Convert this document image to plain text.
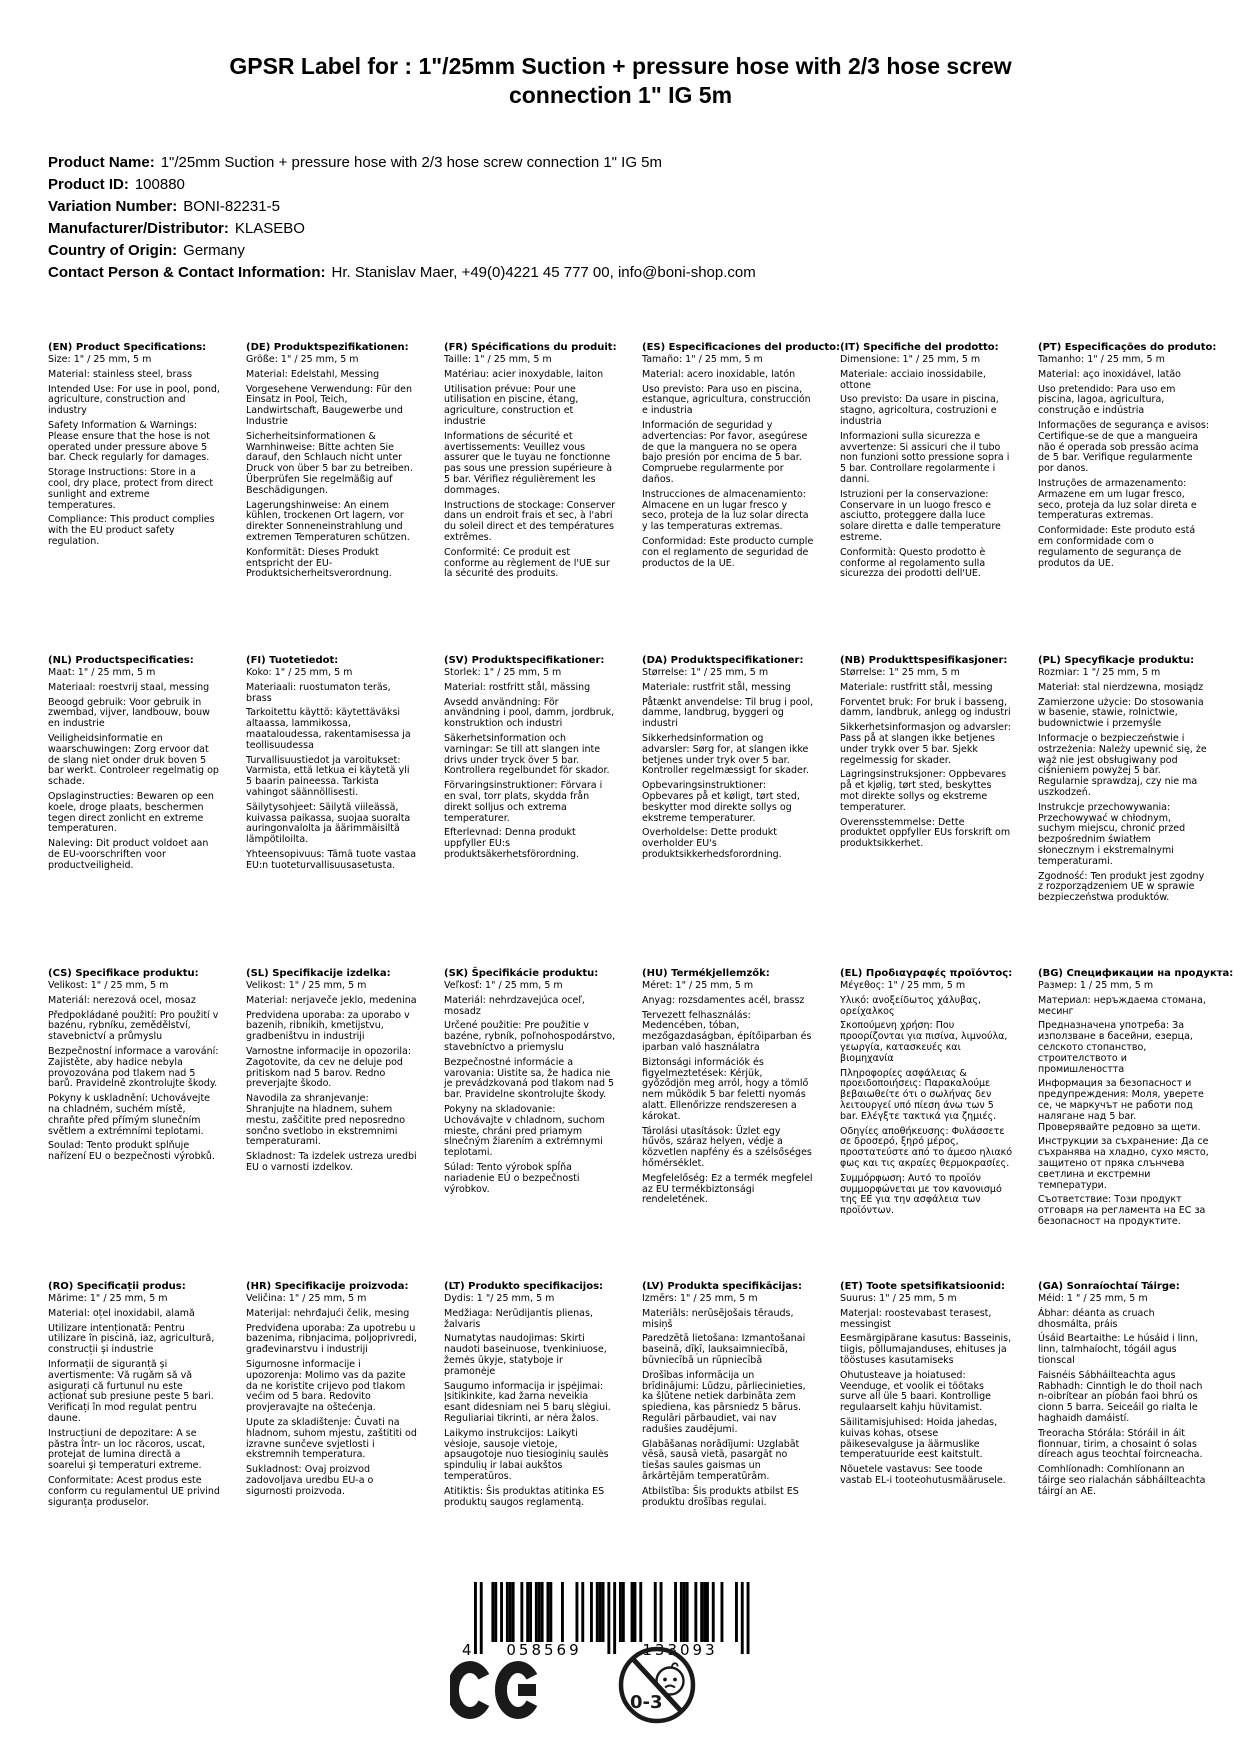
GPSR Label for : 1"/25mm Suction + pressure hose with 2/3 hose screw connection 1" IG 5m
Product Name: 1"/25mm Suction + pressure hose with 2/3 hose screw connection 1" IG 5m
Product ID: 100880
Variation Number: BONI-82231-5
Manufacturer/Distributor: KLASEBO
Country of Origin: Germany
Contact Person & Contact Information: Hr. Stanislav Maer, +49(0)4221 45 777 00, info@boni-shop.com
(EN) Product Specifications:

Size: 1" / 25 mm, 5 m

Material: stainless steel, brass

Intended Use: For use in pool, pond, agriculture, construction and industry

Safety Information & Warnings: Please ensure that the hose is not operated under pressure above 5 bar. Check regularly for damages.

Storage Instructions: Store in a cool, dry place, protect from direct sunlight and extreme temperatures.

Compliance: This product complies with the EU product safety regulation.

(DE) Produktspezifikationen:

Größe: 1" / 25 mm, 5 m

Material: Edelstahl, Messing

Vorgesehene Verwendung: Für den Einsatz in Pool, Teich, Landwirtschaft, Baugewerbe und Industrie

Sicherheitsinformationen & Warnhinweise: Bitte achten Sie darauf, den Schlauch nicht unter Druck von über 5 bar zu betreiben. Überprüfen Sie regelmäßig auf Beschädigungen.

Lagerungshinweise: An einem kühlen, trockenen Ort lagern, vor direkter Sonneneinstrahlung und extremen Temperaturen schützen.

Konformität: Dieses Produkt entspricht der EU-Produktsicherheitsverordnung.

(FR) Spécifications du produit:

Taille: 1" / 25 mm, 5 m

Matériau: acier inoxydable, laiton

Utilisation prévue: Pour une utilisation en piscine, étang, agriculture, construction et industrie

Informations de sécurité et avertissements: Veuillez vous assurer que le tuyau ne fonctionne pas sous une pression supérieure à 5 bar. Vérifiez régulièrement les dommages.

Instructions de stockage: Conserver dans un endroit frais et sec, à l'abri du soleil direct et des températures extrêmes.

Conformité: Ce produit est conforme au règlement de l'UE sur la sécurité des produits.

(ES) Especificaciones del producto:

Tamaño: 1" / 25 mm, 5 m

Material: acero inoxidable, latón

Uso previsto: Para uso en piscina, estanque, agricultura, construcción e industria

Información de seguridad y advertencias: Por favor, asegúrese de que la manguera no se opera bajo presión por encima de 5 bar. Compruebe regularmente por daños.

Instrucciones de almacenamiento: Almacene en un lugar fresco y seco, proteja de la luz solar directa y las temperaturas extremas.

Conformidad: Este producto cumple con el reglamento de seguridad de productos de la UE.

(IT) Specifiche del prodotto:

Dimensione: 1" / 25 mm, 5 m

Materiale: acciaio inossidabile, ottone

Uso previsto: Da usare in piscina, stagno, agricoltura, costruzioni e industria

Informazioni sulla sicurezza e avvertenze: Si assicuri che il tubo non funzioni sotto pressione sopra i 5 bar. Controllare regolarmente i danni.

Istruzioni per la conservazione: Conservare in un luogo fresco e asciutto, proteggere dalla luce solare diretta e dalle temperature estreme.

Conformità: Questo prodotto è conforme al regolamento sulla sicurezza dei prodotti dell'UE.

(PT) Especificações do produto:

Tamanho: 1" / 25 mm, 5 m

Material: aço inoxidável, latão

Uso pretendido: Para uso em piscina, lagoa, agricultura, construção e indústria

Informações de segurança e avisos: Certifique-se de que a mangueira não é operada sob pressão acima de 5 bar. Verifique regularmente por danos.

Instruções de armazenamento: Armazene em um lugar fresco, seco, proteja da luz solar direta e temperaturas extremas.

Conformidade: Este produto está em conformidade com o regulamento de segurança de produtos da UE.

(NL) Productspecificaties:

Maat: 1" / 25 mm, 5 m

Materiaal: roestvrij staal, messing

Beoogd gebruik: Voor gebruik in zwembad, vijver, landbouw, bouw en industrie

Veiligheidsinformatie en waarschuwingen: Zorg ervoor dat de slang niet onder druk boven 5 bar werkt. Controleer regelmatig op schade.

Opslaginstructies: Bewaren op een koele, droge plaats, beschermen tegen direct zonlicht en extreme temperaturen.

Naleving: Dit product voldoet aan de EU-voorschriften voor productveiligheid.

(FI) Tuotetiedot:

Koko: 1" / 25 mm, 5 m

Materiaali: ruostumaton teräs, brass

Tarkoitettu käyttö: käytettäväksi altaassa, lammikossa, maataloudessa, rakentamisessa ja teollisuudessa

Turvallisuustiedot ja varoitukset: Varmista, että letkua ei käytetä yli 5 baarin paineessa. Tarkista vahingot säännöllisesti.

Säilytysohjeet: Säilytä viileässä, kuivassa paikassa, suojaa suoralta auringonvalolta ja äärimmäisiltä lämpötiloilta.

Yhteensopivuus: Tämä tuote vastaa EU:n tuoteturvallisuusasetusta.

(SV) Produktspecifikationer:

Storlek: 1" / 25 mm, 5 m

Material: rostfritt stål, mässing

Avsedd användning: För användning i pool, damm, jordbruk, konstruktion och industri

Säkerhetsinformation och varningar: Se till att slangen inte drivs under tryck över 5 bar. Kontrollera regelbundet för skador.

Förvaringsinstruktioner: Förvara i en sval, torr plats, skydda från direkt solljus och extrema temperaturer.

Efterlevnad: Denna produkt uppfyller EU:s produktsäkerhetsförordning.

(DA) Produktspecifikationer:

Størrelse: 1" / 25 mm, 5 m

Materiale: rustfrit stål, messing

Påtænkt anvendelse: Til brug i pool, damme, landbrug, byggeri og industri

Sikkerhedsinformation og advarsler: Sørg for, at slangen ikke betjenes under tryk over 5 bar. Kontroller regelmæssigt for skader.

Opbevaringsinstruktioner: Opbevares på et køligt, tørt sted, beskytter mod direkte sollys og ekstreme temperaturer.

Overholdelse: Dette produkt overholder EU's produktsikkerhedsforordning.

(NB) Produkttspesifikasjoner:

Størrelse: 1" 25 mm, 5 m

Materiale: rustfritt stål, messing

Forventet bruk: For bruk i basseng, damm, landbruk, anlegg og industri

Sikkerhetsinformasjon og advarsler: Pass på at slangen ikke betjenes under trykk over 5 bar. Sjekk regelmessig for skader.

Lagringsinstruksjoner: Oppbevares på et kjølig, tørt sted, beskyttes mot direkte sollys og ekstreme temperaturer.

Overensstemmelse: Dette produktet oppfyller EUs forskrift om produktsikkerhet.

(PL) Specyfikacje produktu:

Rozmiar: 1 "/ 25 mm, 5 m

Materiał: stal nierdzewna, mosiądz

Zamierzone użycie: Do stosowania w basenie, stawie, rolnictwie, budownictwie i przemyśle

Informacje o bezpieczeństwie i ostrzeżenia: Należy upewnić się, że wąż nie jest obsługiwany pod ciśnieniem powyżej 5 bar. Regularnie sprawdzaj, czy nie ma uszkodzeń.

Instrukcje przechowywania: Przechowywać w chłodnym, suchym miejscu, chronić przed bezpośrednim światłem słonecznym i ekstremalnymi temperaturami.

Zgodność: Ten produkt jest zgodny z rozporządzeniem UE w sprawie bezpieczeństwa produktów.

(CS) Specifikace produktu:

Velikost: 1" / 25 mm, 5 m

Materiál: nerezová ocel, mosaz

Předpokládané použití: Pro použití v bazénu, rybníku, zemědělství, stavebnictví a průmyslu

Bezpečnostní informace a varování: Zajistěte, aby hadice nebyla provozována pod tlakem nad 5 barů. Pravidelně zkontrolujte škody.

Pokyny k uskladnění: Uchovávejte na chladném, suchém místě, chraňte před přímým slunečním světlem a extrémními teplotami.

Soulad: Tento produkt splňuje nařízení EU o bezpečnosti výrobků.

(SL) Specifikacije izdelka:

Velikost: 1" / 25 mm, 5 m

Material: nerjaveče jeklo, medenina

Predvidena uporaba: za uporabo v bazenih, ribnikih, kmetijstvu, gradbeništvu in industriji

Varnostne informacije in opozorila: Zagotovite, da cev ne deluje pod pritiskom nad 5 barov. Redno preverjajte škodo.

Navodila za shranjevanje: Shranjujte na hladnem, suhem mestu, zaščitite pred neposredno sončno svetlobo in ekstremnimi temperaturami.

Skladnost: Ta izdelek ustreza uredbi EU o varnosti izdelkov.

(SK) Špecifikácie produktu:

Veľkosť: 1" / 25 mm, 5 m

Materiál: nehrdzavejúca oceľ, mosadz

Určené použitie: Pre použitie v bazéne, rybník, poľnohospodárstvo, stavebníctvo a priemyslu

Bezpečnostné informácie a varovania: Uistite sa, že hadica nie je prevádzkovaná pod tlakom nad 5 bar. Pravidelne skontrolujte škody.

Pokyny na skladovanie: Uchovávajte v chladnom, suchom mieste, chráni pred priamym slnečným žiarením a extrémnymi teplotami.

Súlad: Tento výrobok spĺňa nariadenie EÚ o bezpečnosti výrobkov.

(HU) Termékjellemzők:

Méret: 1" / 25 mm, 5 m

Anyag: rozsdamentes acél, brassz

Tervezett felhasználás: Medencében, tóban, mezőgazdaságban, építőiparban és iparban való használatra

Biztonsági információk és figyelmeztetések: Kérjük, győződjön meg arról, hogy a tömlő nem működik 5 bar feletti nyomás alatt. Ellenőrizze rendszeresen a károkat.

Tárolási utasítások: Üzlet egy hűvös, száraz helyen, védje a közvetlen napfény és a szélsőséges hőmérséklet.

Megfelelőség: Ez a termék megfelel az EU termékbiztonsági rendeletének.

(EL) Προδιαγραφές προϊόντος:

Μέγεθος: 1" / 25 mm, 5 m

Υλικό: ανοξείδωτος χάλυβας, ορείχαλκος

Σκοπούμενη χρήση: Που προορίζονται για πισίνα, λιμνούλα, γεωργία, κατασκευές και βιομηχανία

Πληροφορίες ασφάλειας & προειδοποιήσεις: Παρακαλούμε βεβαιωθείτε ότι ο σωλήνας δεν λειτουργεί υπό πίεση άνω των 5 bar. Ελέγξτε τακτικά για ζημιές.

Οδηγίες αποθήκευσης: Φυλάσσετε σε δροσερό, ξηρό μέρος, προστατεύστε από το άμεσο ηλιακό φως και τις ακραίες θερμοκρασίες.

Συμμόρφωση: Αυτό το προϊόν συμμορφώνεται με τον κανονισμό της ΕΕ για την ασφάλεια των προϊόντων.

(BG) Спецификации на продукта:

Размер: 1 / 25 mm, 5 m

Материал: неръждаема стомана, месинг

Предназначена употреба: За използване в басейни, езерца, селското стопанство, строителството и промишлеността

Информация за безопасност и предупреждения: Моля, уверете се, че маркучът не работи под налягане над 5 bar. Проверявайте редовно за щети.

Инструкции за съхранение: Да се съхранява на хладно, сухо място, защитено от пряка слънчева светлина и екстремни температури.

Съответствие: Този продукт отговаря на регламента на ЕС за безопасност на продуктите.

(RO) Specificații produs:

Mărime: 1" / 25 mm, 5 m

Material: oțel inoxidabil, alamă

Utilizare intenționată: Pentru utilizare în piscină, iaz, agricultură, construcții și industrie

Informații de siguranță și avertismente: Vă rugăm să vă asigurați că furtunul nu este acționat sub presiune peste 5 bari. Verificați în mod regulat pentru daune.

Instrucțiuni de depozitare: A se păstra într- un loc răcoros, uscat, protejat de lumina directă a soarelui şi temperaturi extreme.

Conformitate: Acest produs este conform cu regulamentul UE privind siguranța produselor.

(HR) Specifikacije proizvoda:

Veličina: 1" / 25 mm, 5 m

Materijal: nehrđajući čelik, mesing

Predviđena uporaba: Za upotrebu u bazenima, ribnjacima, poljoprivredi, građevinarstvu i industriji

Sigurnosne informacije i upozorenja: Molimo vas da pazite da ne koristite crijevo pod tlakom većim od 5 bara. Redovito provjeravajte na oštećenja.

Upute za skladištenje: Čuvati na hladnom, suhom mjestu, zaštititi od izravne sunčeve svjetlosti i ekstremnih temperatura.

Sukladnost: Ovaj proizvod zadovoljava uredbu EU-a o sigurnosti proizvoda.

(LT) Produkto specifikacijos:

Dydis: 1 "/ 25 mm, 5 m

Medžiaga: Nerūdijantis plienas, žalvaris

Numatytas naudojimas: Skirti naudoti baseinuose, tvenkiniuose, žemės ūkyje, statyboje ir pramonėje

Saugumo informacija ir įspėjimai: Įsitikinkite, kad žarna neveikia esant didesniam nei 5 barų slėgiui. Reguliariai tikrinti, ar nėra žalos.

Laikymo instrukcijos: Laikyti vėsioje, sausoje vietoje, apsaugotoje nuo tiesioginių saulės spindulių ir labai aukštos temperatūros.

Atitiktis: Šis produktas atitinka ES produktų saugos reglamentą.

(LV) Produkta specifikācijas:

Izmērs: 1" / 25 mm, 5 m

Materiāls: nerūsējošais tērauds, misiņš

Paredzētā lietošana: Izmantošanai baseinā, dīķī, lauksaimniecībā, būvniecībā un rūpniecībā

Drošības informācija un brīdinājumi: Lūdzu, pārliecinieties, ka šļūtene netiek darbināta zem spiediena, kas pārsniedz 5 bārus. Regulāri pārbaudiet, vai nav radušies zaudējumi.

Glabāšanas norādījumi: Uzglabāt vēsā, sausā vietā, pasargāt no tiešas saules gaismas un ārkārtējām temperatūrām.

Atbilstība: Šis produkts atbilst ES produktu drošības regulai.

(ET) Toote spetsifikatsioonid:

Suurus: 1" / 25 mm, 5 m

Materjal: roostevabast terasest, messingist

Eesmärgipärane kasutus: Basseinis, tiigis, põllumajanduses, ehituses ja tööstuses kasutamiseks

Ohutusteave ja hoiatused: Veenduge, et voolik ei töötaks surve all üle 5 baari. Kontrollige regulaarselt kahju hüvitamist.

Säilitamisjuhised: Hoida jahedas, kuivas kohas, otsese päikesevalguse ja äärmuslike temperatuuride eest kaitstult.

Nõuetele vastavus: See toode vastab EL-i tooteohutusmäärusele.

(GA) Sonraíochtaí Táirge:

Méid: 1 " / 25 mm, 5 m

Ábhar: déanta as cruach dhosmálta, práis

Úsáid Beartaithe: Le húsáid i linn, linn, talmhaíocht, tógáil agus tionscal

Faisnéis Sábháilteachta agus Rabhadh: Cinntigh le do thoil nach n-oibrítear an píobán faoi bhrú os cionn 5 barra. Seiceáil go rialta le haghaidh damáistí.

Treoracha Stórála: Stóráil in áit fionnuar, tirim, a chosaint ó solas díreach agus teochtaí foircneacha.

Comhlíonadh: Comhlíonann an táirge seo rialachán sábháilteachta táirgí an AE.

4 058569	133093
0-3
